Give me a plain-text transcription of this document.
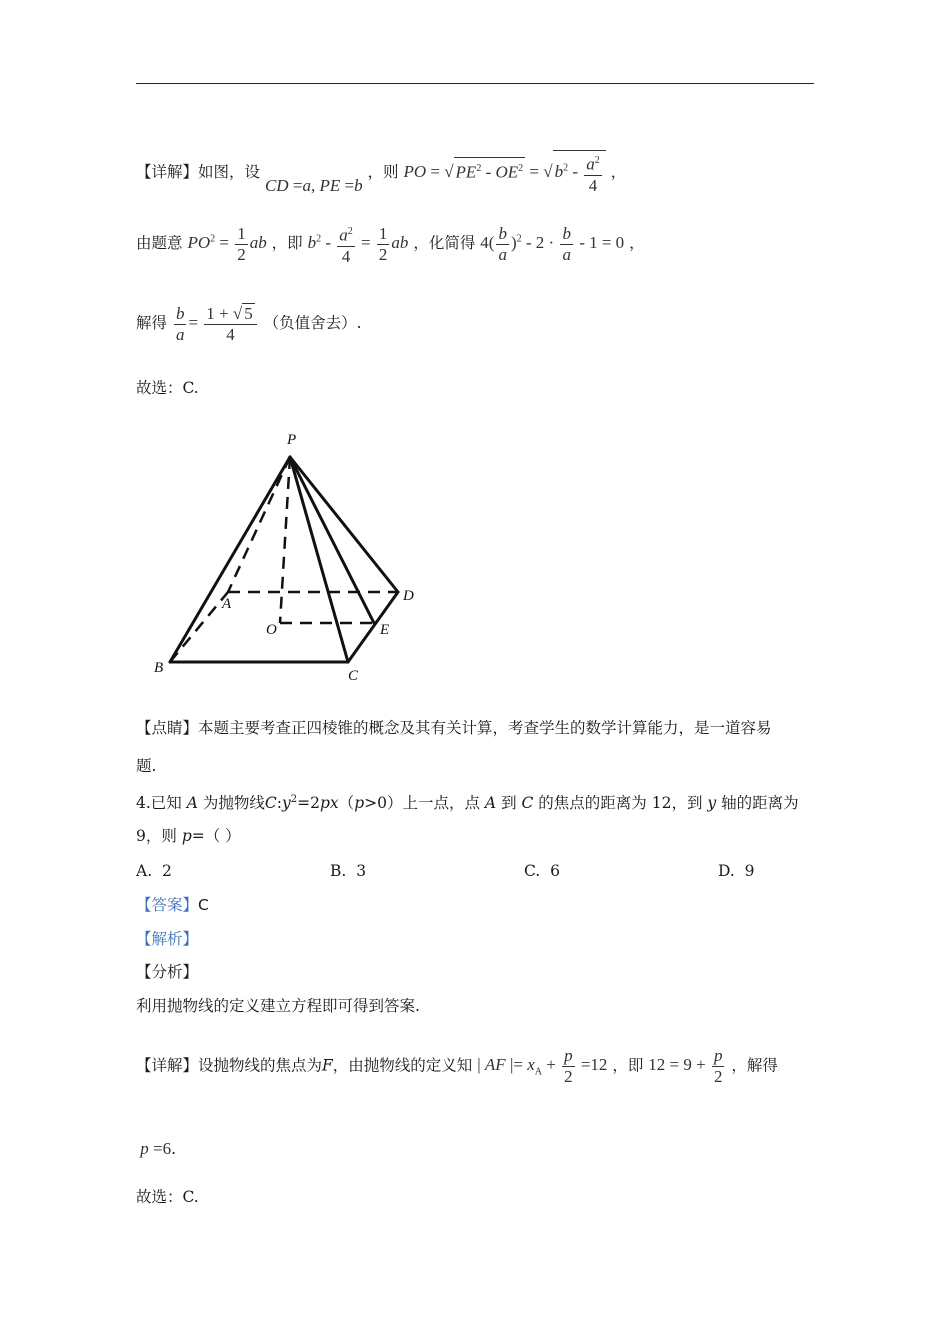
【详解】如图，设 CD =a, PE =b ，则 PO = √ $PE^2 - OE^2$ = √ $b^2 - \frac{a^2}{4}$ ，
由题意 $PO^2 = \frac{1}{2}$ ab ，即 $b^2 - \frac{a^2}{4} = \frac{1}{2}$ ab ，化简得 $4( \frac{b}{a} )^2 - 2 \cdot \frac{b}{a} - 1 = 0$ ，
解得 $\frac{b}{a} = \frac{1 + √ 5}{4}$ （负值舍去）.
故选：C.
P
A	D
O	E
B	C
【点睛】本题主要考查正四棱锥的概念及其有关计算，考查学生的数学计算能力，是一道容易
题.
4.已知 A 为抛物线$C:y^2=2px(p>0)$上一点，点 A 到 C 的焦点的距离为 12，到 y 轴的距离为
9，则 p=（ ）
A. 2	B. 3	C. 6	D. 9
【答案】C
【解析】
【分析】
利用抛物线的定义建立方程即可得到答案.
【详解】设抛物线的焦点为F，由抛物线的定义知 | AF |= $x_A + \frac{p}{2} =12$ ，即 $12 = 9 + \frac{p}{2}$ ，解得
p =6.
故选：C.
